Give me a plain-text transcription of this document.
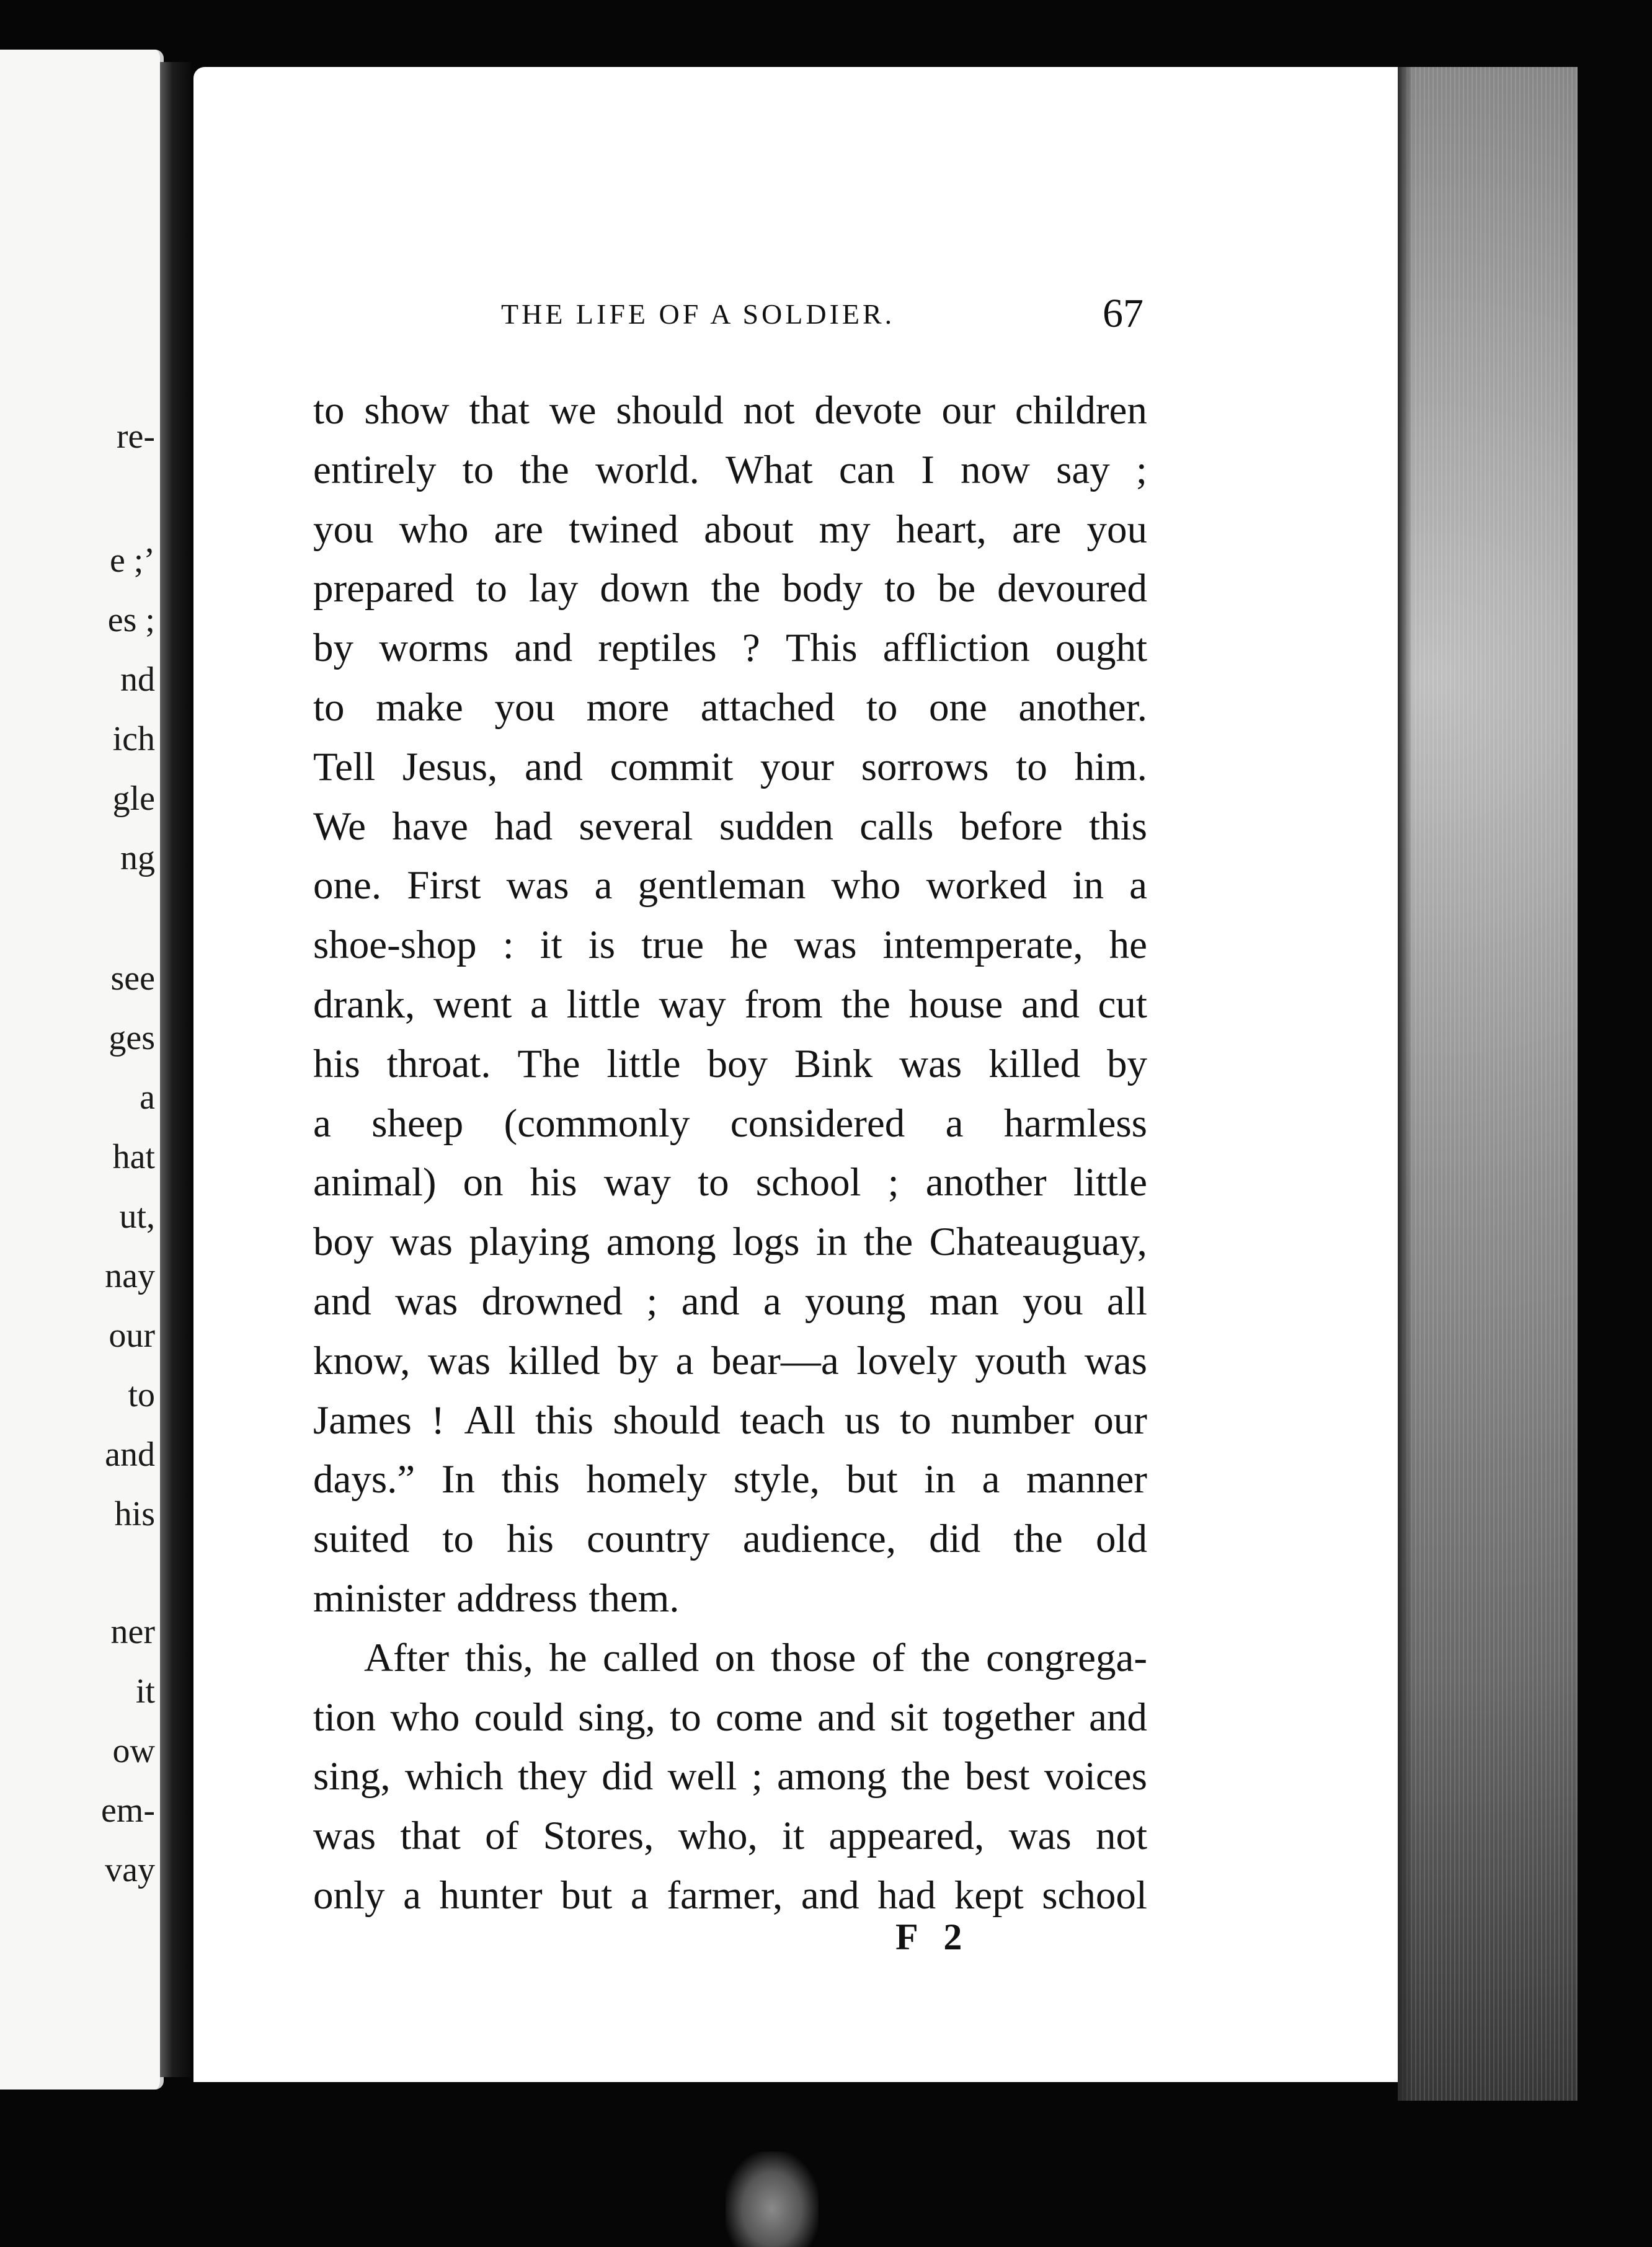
re-
e ;’
es ;
nd
ich
gle
ng
see
ges
a
hat
ut,
nay
our
to
and
his
ner
it
ow
em-
vay
THE LIFE OF A SOLDIER.	67
to show that we should not devote our children
entirely to the world. What can I now say ;
you who are twined about my heart, are you
prepared to lay down the body to be devoured
by worms and reptiles ? This affliction ought
to make you more attached to one another.
Tell Jesus, and commit your sorrows to him.
We have had several sudden calls before this
one. First was a gentleman who worked in a
shoe-shop : it is true he was intemperate, he
drank, went a little way from the house and cut
his throat. The little boy Bink was killed by
a sheep (commonly considered a harmless
animal) on his way to school ; another little
boy was playing among logs in the Chateauguay,
and was drowned ; and a young man you all
know, was killed by a bear—a lovely youth was
James ! All this should teach us to number our
days.” In this homely style, but in a manner
suited to his country audience, did the old
minister address them.
After this, he called on those of the congrega-
tion who could sing, to come and sit together and
sing, which they did well ; among the best voices
was that of Stores, who, it appeared, was not
only a hunter but a farmer, and had kept school
F 2
